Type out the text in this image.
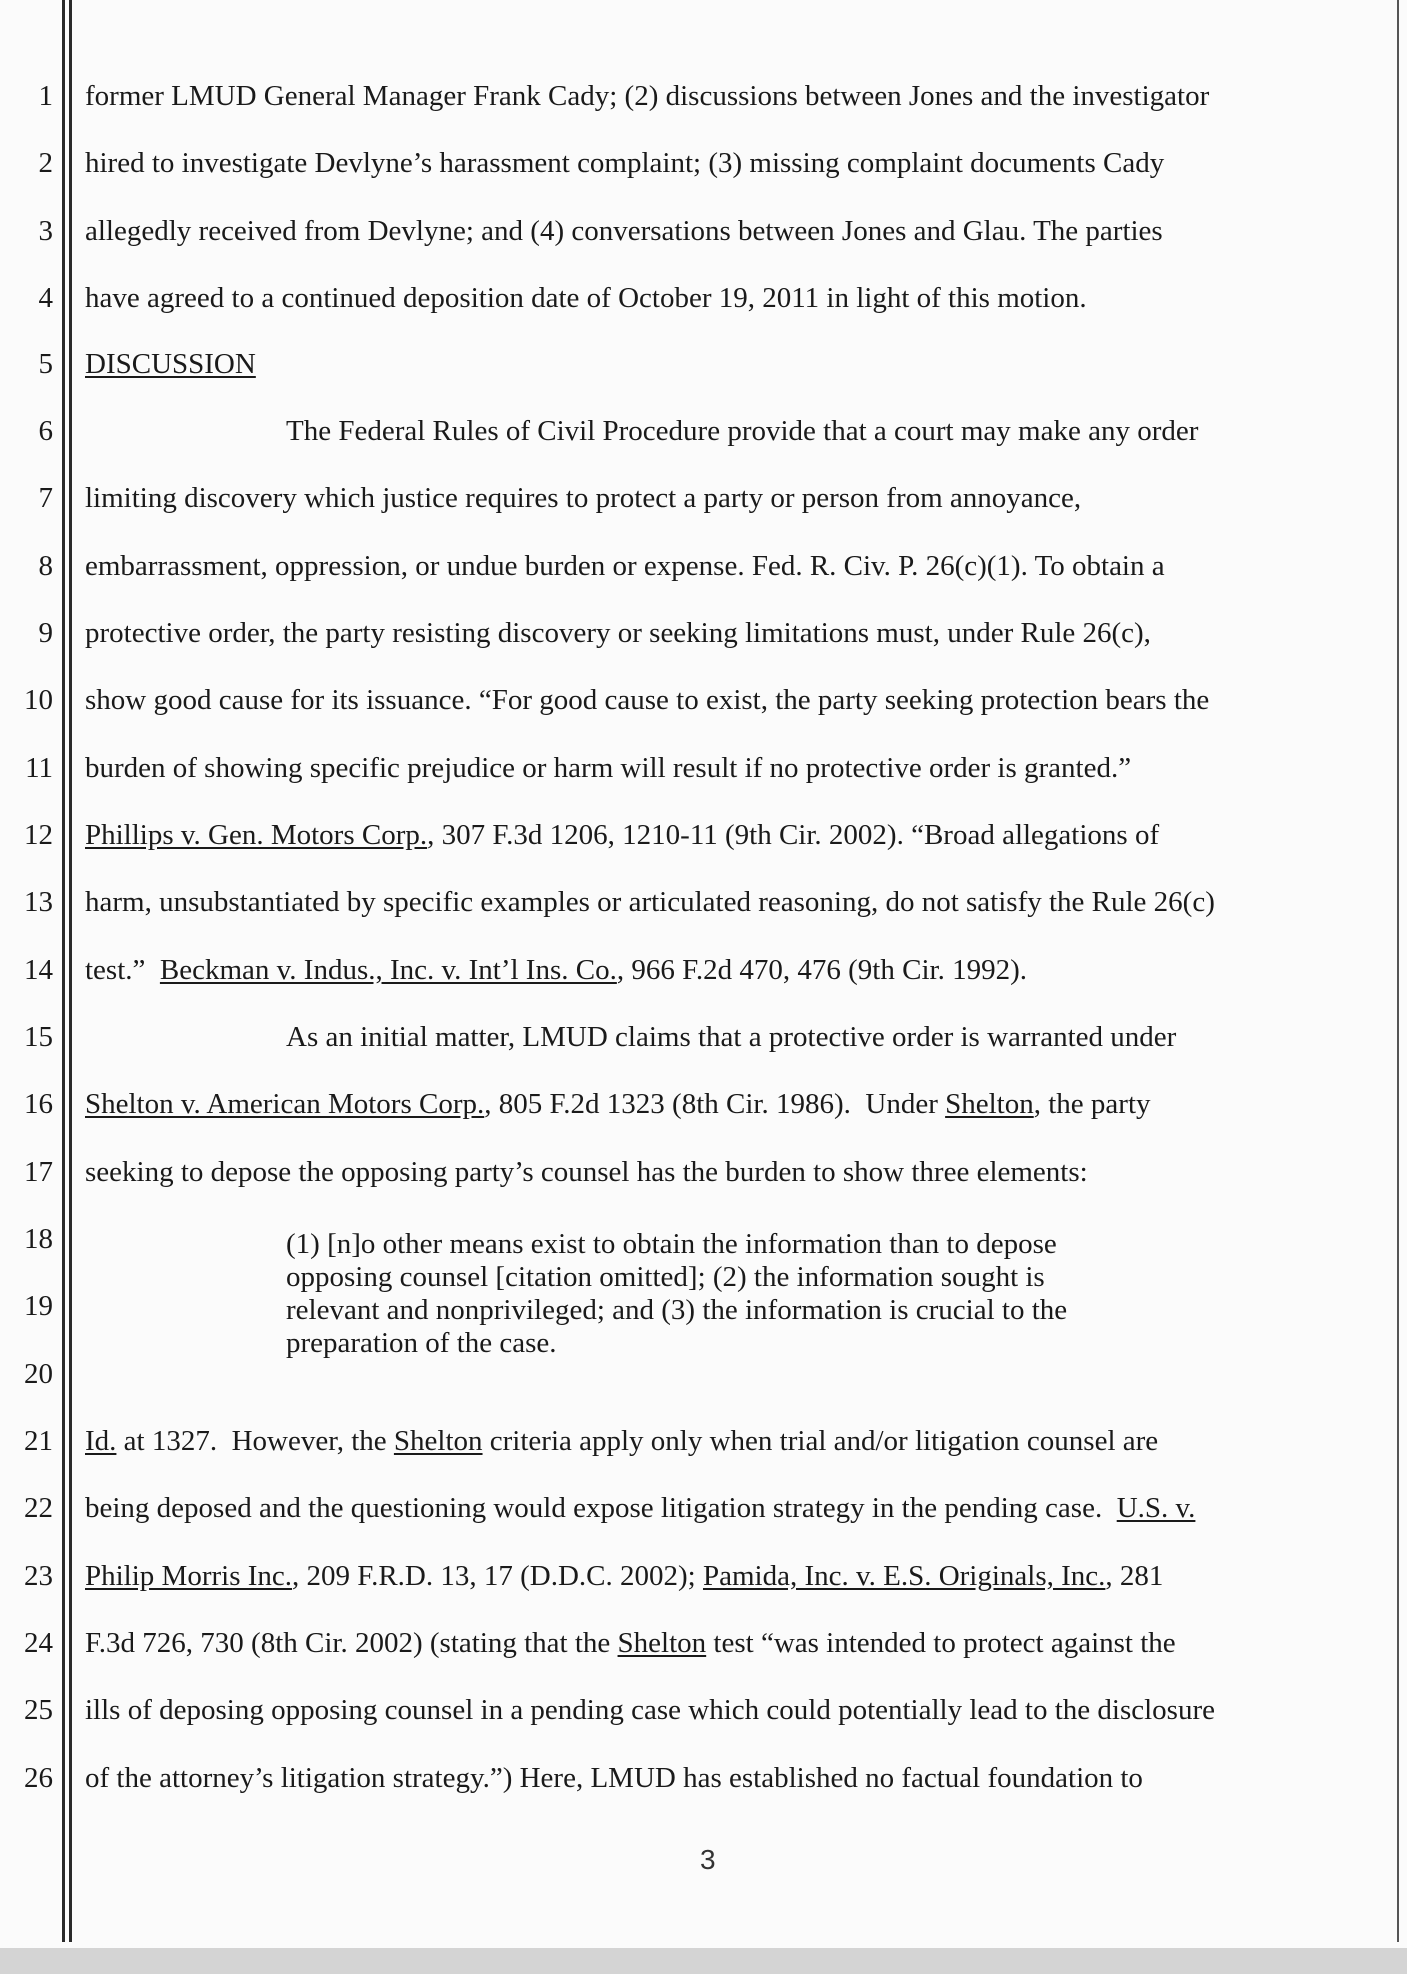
1
2
3
4
5
6
7
8
9
10
11
12
13
14
15
16
17
18
19
20
21
22
23
24
25
26
former LMUD General Manager Frank Cady; (2) discussions between Jones and the investigator
hired to investigate Devlyne’s harassment complaint; (3) missing complaint documents Cady
allegedly received from Devlyne; and (4) conversations between Jones and Glau. The parties
have agreed to a continued deposition date of October 19, 2011 in light of this motion.
DISCUSSION
The Federal Rules of Civil Procedure provide that a court may make any order
limiting discovery which justice requires to protect a party or person from annoyance,
embarrassment, oppression, or undue burden or expense. Fed. R. Civ. P. 26(c)(1). To obtain a
protective order, the party resisting discovery or seeking limitations must, under Rule 26(c),
show good cause for its issuance. “For good cause to exist, the party seeking protection bears the
burden of showing specific prejudice or harm will result if no protective order is granted.”
Phillips v. Gen. Motors Corp., 307 F.3d 1206, 1210-11 (9th Cir. 2002). “Broad allegations of
harm, unsubstantiated by specific examples or articulated reasoning, do not satisfy the Rule 26(c)
test.”  Beckman v. Indus., Inc. v. Int’l Ins. Co., 966 F.2d 470, 476 (9th Cir. 1992).
As an initial matter, LMUD claims that a protective order is warranted under
Shelton v. American Motors Corp., 805 F.2d 1323 (8th Cir. 1986).  Under Shelton, the party
seeking to depose the opposing party’s counsel has the burden to show three elements:
(1) [n]o other means exist to obtain the information than to depose
opposing counsel [citation omitted]; (2) the information sought is
relevant and nonprivileged; and (3) the information is crucial to the
preparation of the case.
Id. at 1327.  However, the Shelton criteria apply only when trial and/or litigation counsel are
being deposed and the questioning would expose litigation strategy in the pending case.  U.S. v.
Philip Morris Inc., 209 F.R.D. 13, 17 (D.D.C. 2002); Pamida, Inc. v. E.S. Originals, Inc., 281
F.3d 726, 730 (8th Cir. 2002) (stating that the Shelton test “was intended to protect against the
ills of deposing opposing counsel in a pending case which could potentially lead to the disclosure
of the attorney’s litigation strategy.”) Here, LMUD has established no factual foundation to
3
